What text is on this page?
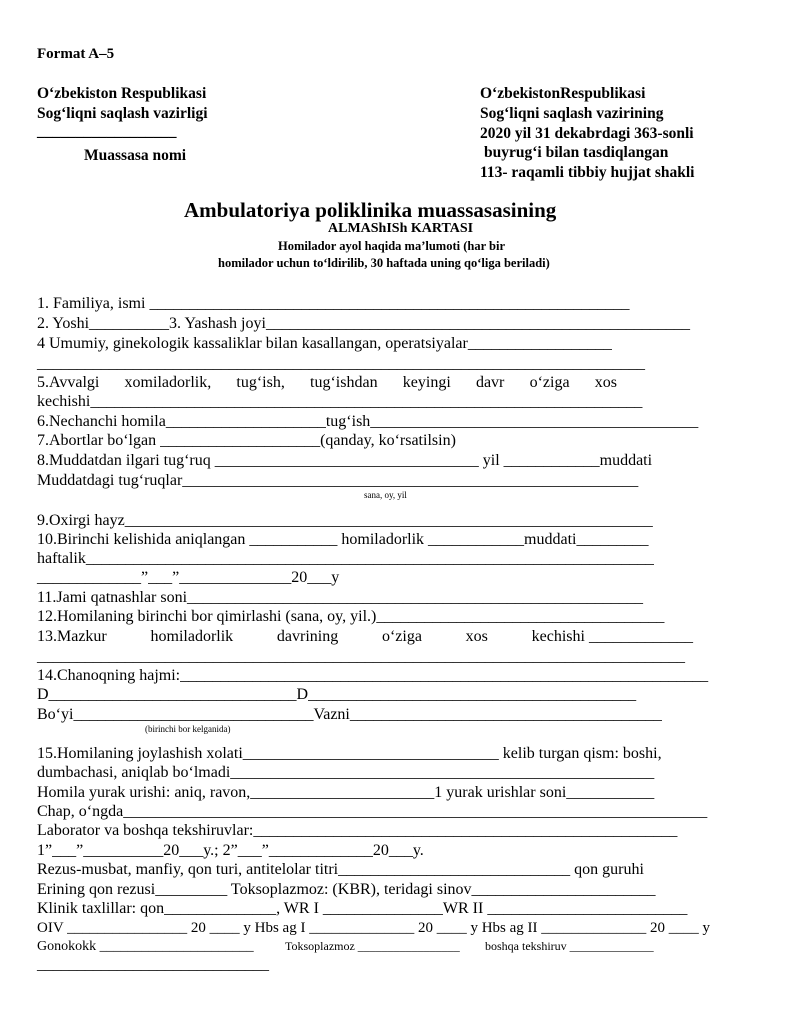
Format A–5
O‘zbekiston Respublikasi
Sog‘liqni saqlash vazirligi
__________________
Muassasa nomi
O‘zbekistonRespublikasi
Sog‘liqni saqlash vazirining
2020 yil 31 dekabrdagi 363-sonli
buyrug‘i bilan tasdiqlangan
113- raqamli tibbiy hujjat shakli
Ambulatoriya poliklinika muassasasining
ALMAShISh KARTASI
Homilador ayol haqida ma’lumoti (har bir
homilador uchun to‘ldirilib, 30 haftada uning qo‘liga beriladi)
1. Familiya, ismi ____________________________________________________________
2. Yoshi__________3. Yashash joyi_____________________________________________________
4 Umumiy, ginekologik kassaliklar bilan kasallangan, operatsiyalar__________________
____________________________________________________________________________
5.Avvalgi xomiladorlik, tug‘ish, tug‘ishdan keyingi davr o‘ziga xos
kechishi_____________________________________________________________________
6.Nechanchi homila____________________tug‘ish_________________________________________
7.Abortlar bo‘lgan ____________________(qanday, ko‘rsatilsin)
8.Muddatdan ilgari tug‘ruq _________________________________ yil ____________muddati
Muddatdagi tug‘ruqlar_________________________________________________________
sana, oy, yil
9.Oxirgi hayz__________________________________________________________________
10.Birinchi kelishida aniqlangan ___________ homiladorlik ____________muddati_________
haftalik_______________________________________________________________________
_____________”___”______________20___y
11.Jami qatnashlar soni_________________________________________________________
12.Homilaning birinchi bor qimirlashi (sana, oy, yil.)____________________________________
13.Mazkur	homiladorlik	davrining	o‘ziga	xos	kechishi _____________
_________________________________________________________________________________
14.Chanoqning hajmi:__________________________________________________________________
D_______________________________D_________________________________________
Bo‘yi______________________________Vazni_______________________________________
(birinchi bor kelganida)
15.Homilaning joylashish xolati________________________________ kelib turgan qism: boshi,
dumbachasi, aniqlab bo‘lmadi_____________________________________________________
Homila yurak urishi: aniq, ravon,_______________________1 yurak urishlar soni___________
Chap, o‘ngda_________________________________________________________________________
Laborator va boshqa tekshiruvlar:_____________________________________________________
1”___”__________20___y.; 2”___”_____________20___y.
Rezus-musbat, manfiy, qon turi, antitelolar titri_____________________________ qon guruhi
Erining qon rezusi_________ Toksoplazmoz: (KBR), teridagi sinov_______________________
Klinik taxlillar: qon______________, WR I _______________WR II _________________________
OIV ________________ 20 ____ y Hbs ag I ______________ 20 ____ y Hbs ag II ______________ 20 ____ y
Gonokokk ______________________	Toksoplazmoz _________________ boshqa tekshiruv ______________
_____________________________
